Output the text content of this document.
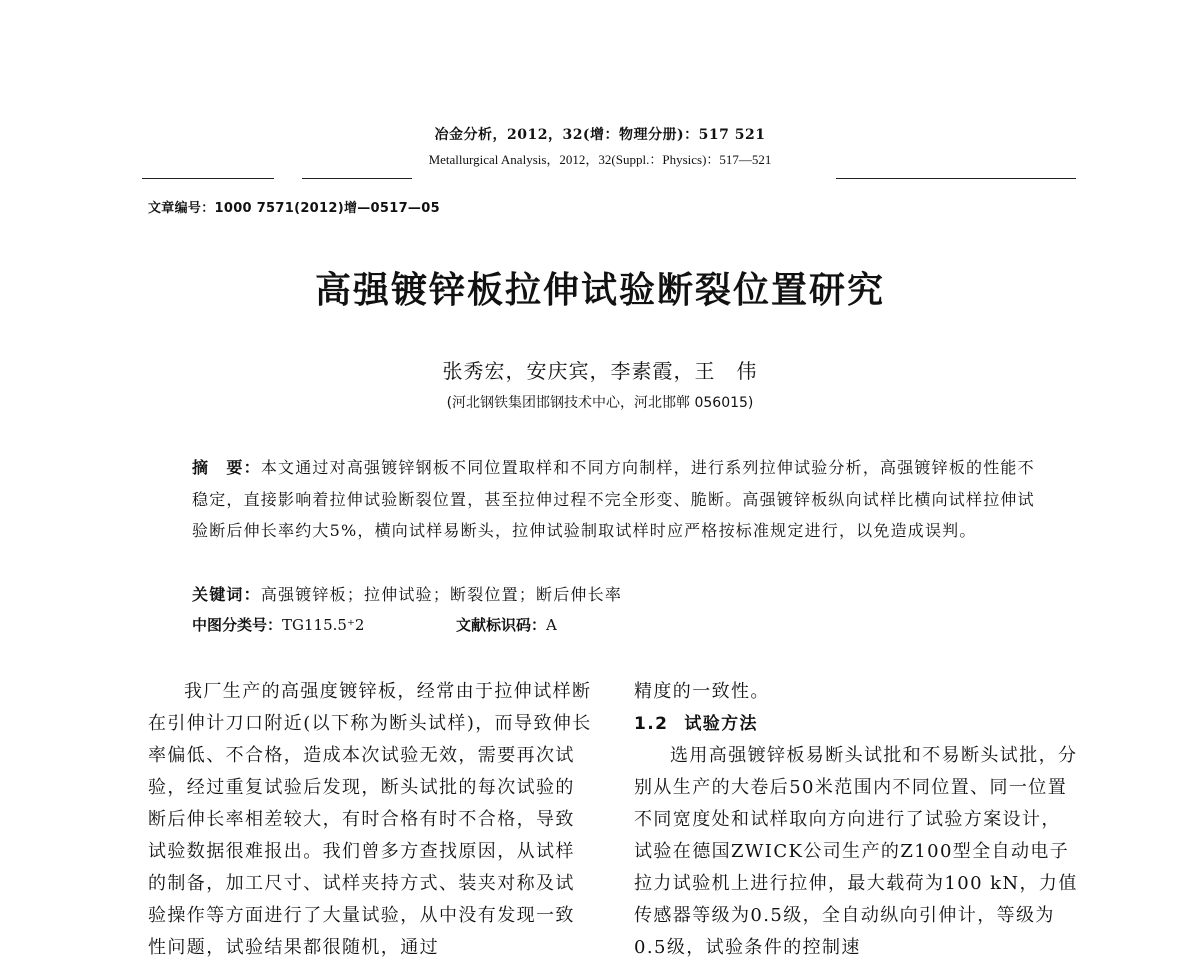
冶金分析，2012，32(增：物理分册)：517 521
Metallurgical Analysis，2012，32(Suppl.：Physics)：517—521
文章编号：1000 7571(2012)增—0517—05
高强镀锌板拉伸试验断裂位置研究
张秀宏，安庆宾，李素霞，王　伟
(河北钢铁集团邯钢技术中心，河北邯郸 056015)
摘　要：本文通过对高强镀锌钢板不同位置取样和不同方向制样，进行系列拉伸试验分析，高强镀锌板的性能不稳定，直接影响着拉伸试验断裂位置，甚至拉伸过程不完全形变、脆断。高强镀锌板纵向试样比横向试样拉伸试验断后伸长率约大5%，横向试样易断头，拉伸试验制取试样时应严格按标准规定进行，以免造成误判。
关键词：高强镀锌板；拉伸试验；断裂位置；断后伸长率
中图分类号：TG115.5⁺2	文献标识码：A

我厂生产的高强度镀锌板，经常由于拉伸试样断在引伸计刀口附近(以下称为断头试样)，而导致伸长率偏低、不合格，造成本次试验无效，需要再次试验，经过重复试验后发现，断头试批的每次试验的断后伸长率相差较大，有时合格有时不合格，导致试验数据很难报出。我们曾多方查找原因，从试样的制备，加工尺寸、试样夹持方式、装夹对称及试验操作等方面进行了大量试验，从中没有发现一致性问题，试验结果都很随机，通过

精度的一致性。

1.2 试验方法

选用高强镀锌板易断头试批和不易断头试批，分别从生产的大卷后50米范围内不同位置、同一位置不同宽度处和试样取向方向进行了试验方案设计，试验在德国ZWICK公司生产的Z100型全自动电子拉力试验机上进行拉伸，最大载荷为100 kN，力值传感器等级为0.5级，全自动纵向引伸计，等级为0.5级，试验条件的控制速
